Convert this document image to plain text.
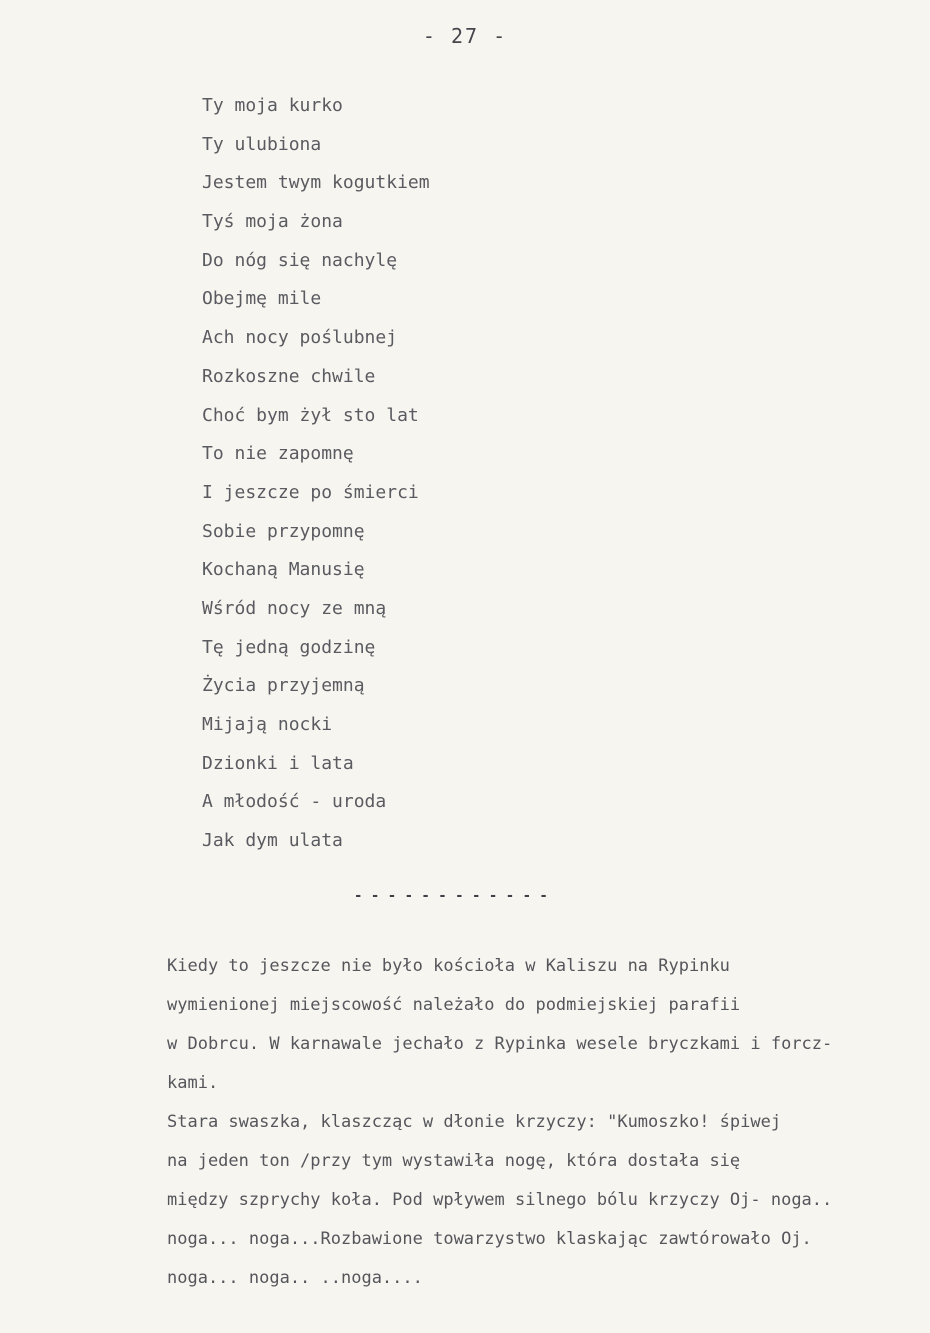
- 27 -
Ty moja kurko
Ty ulubiona
Jestem twym kogutkiem
Tyś moja żona
Do nóg się nachylę
Obejmę mile
Ach nocy poślubnej
Rozkoszne chwile
Choć bym żył sto lat
To nie zapomnę
I jeszcze po śmierci
Sobie przypomnę
Kochaną Manusię
Wśród nocy ze mną
Tę jedną godzinę
Życia przyjemną
Mijają nocki
Dzionki i lata
A młodość - uroda
Jak dym ulata
- - - - - - - - - - - -
Kiedy to jeszcze nie było kościoła w Kaliszu na Rypinku
wymienionej miejscowość należało do podmiejskiej parafii
w Dobrcu. W karnawale jechało z Rypinka wesele bryczkami i forcz-
kami.
Stara swaszka, klaszcząc w dłonie krzyczy: "Kumoszko! śpiwej
na jeden ton /przy tym wystawiła nogę, która dostała się
między szprychy koła. Pod wpływem silnego bólu krzyczy Oj- noga..
noga... noga...Rozbawione towarzystwo klaskając zawtórowało Oj.
noga... noga.. ..noga....
